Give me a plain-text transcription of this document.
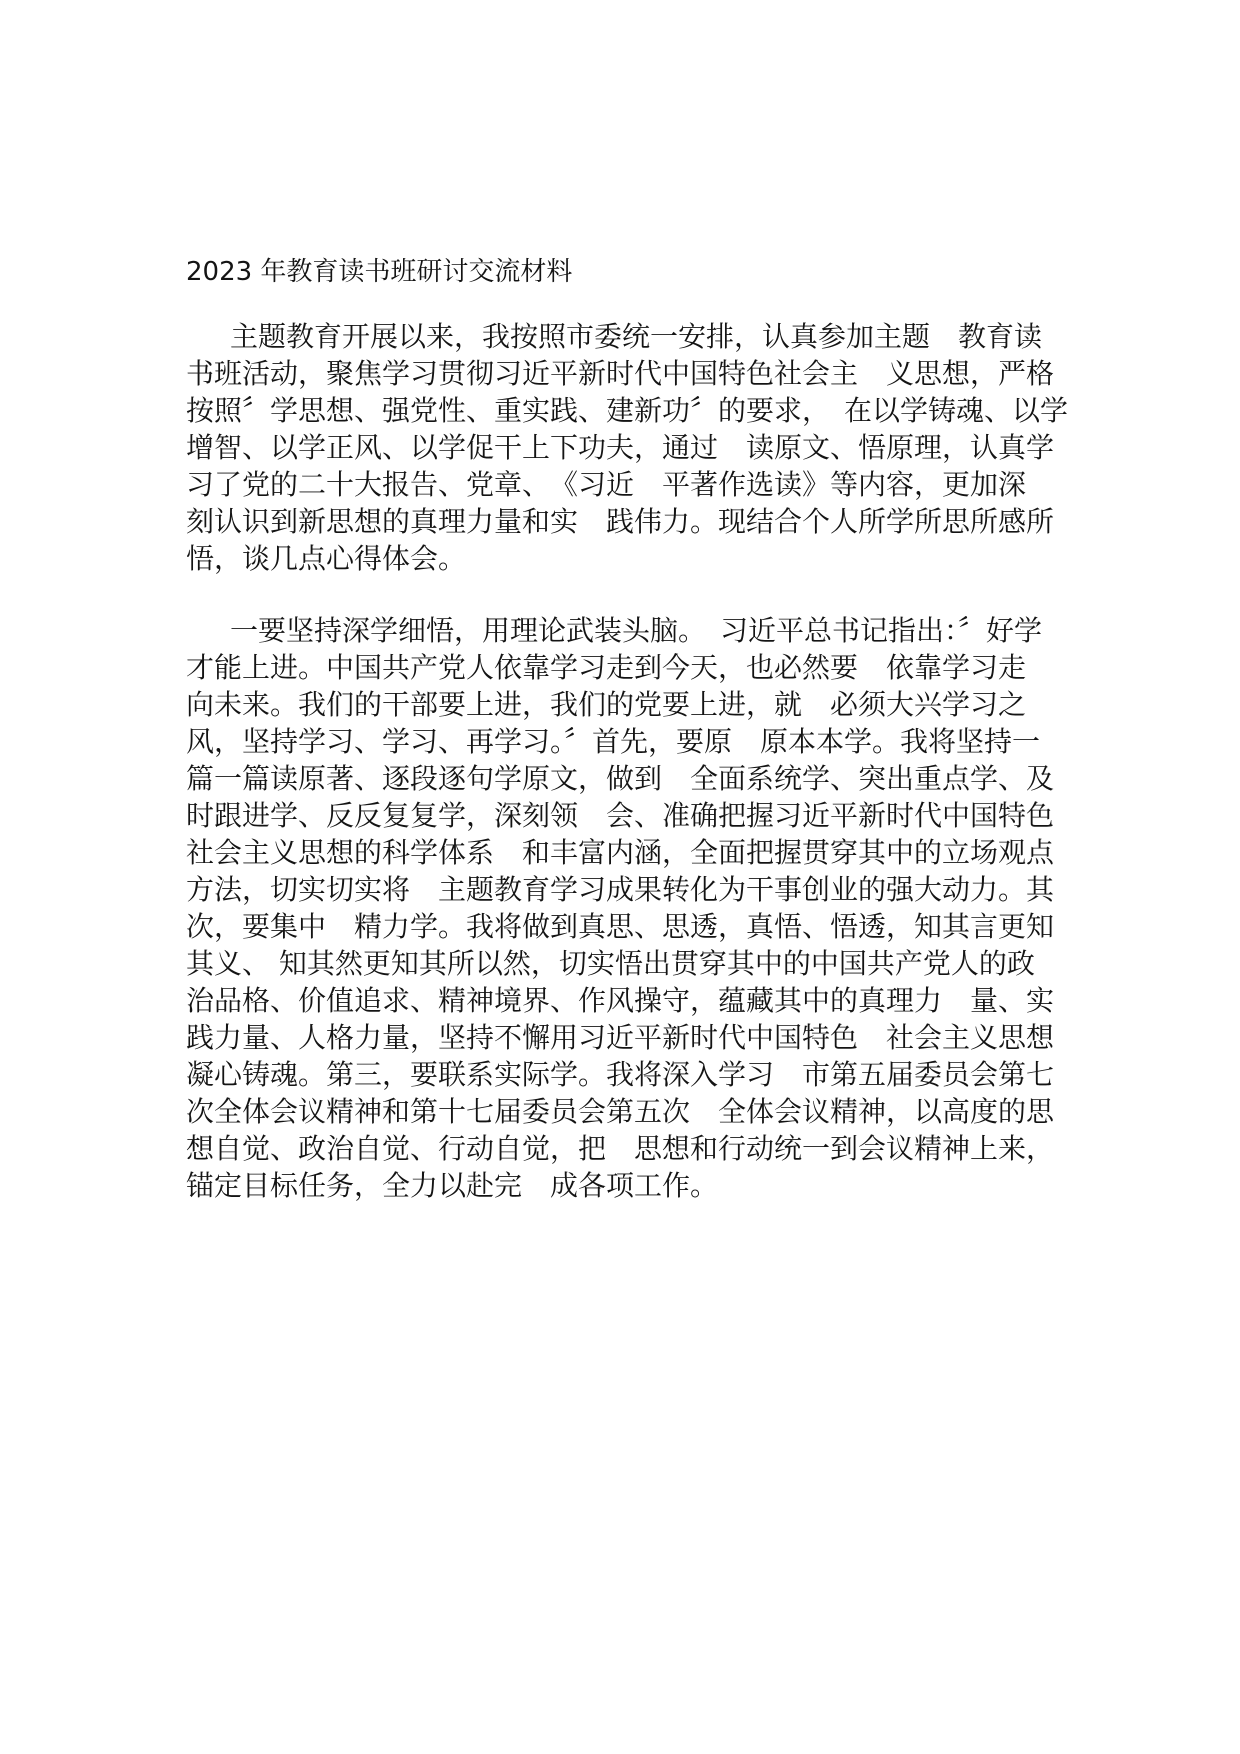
2023 年教育读书班研讨交流材料
主题教育开展以来，我按照市委统一安排，认真参加主题　教育读
书班活动，聚焦学习贯彻习近平新时代中国特色社会主　义思想，严格
按照〞学思想、强党性、重实践、建新功〞的要求，　在以学铸魂、以学
增智、以学正风、以学促干上下功夫，通过　读原文、悟原理，认真学
习了党的二十大报告、党章、　《习近　平著作选读》等内容，更加深
刻认识到新思想的真理力量和实　践伟力。现结合个人所学所思所感所
悟，谈几点心得体会。
一要坚持深学细悟，用理论武装头脑。　习近平总书记指出：〞好学
才能上进。中国共产党人依靠学习走到今天，也必然要　依靠学习走
向未来。我们的干部要上进，我们的党要上进，就　必须大兴学习之
风，坚持学习、学习、再学习。〞首先，要原　原本本学。我将坚持一
篇一篇读原著、逐段逐句学原文，做到　全面系统学、突出重点学、及
时跟进学、反反复复学，深刻领　会、准确把握习近平新时代中国特色
社会主义思想的科学体系　和丰富内涵，全面把握贯穿其中的立场观点
方法，切实切实将　主题教育学习成果转化为干事创业的强大动力。其
次，要集中　精力学。我将做到真思、思透，真悟、悟透，知其言更知
其义、 知其然更知其所以然，切实悟出贯穿其中的中国共产党人的政
治品格、价值追求、精神境界、作风操守，蕴藏其中的真理力　量、实
践力量、人格力量，坚持不懈用习近平新时代中国特色　社会主义思想
凝心铸魂。第三，要联系实际学。我将深入学习　市第五届委员会第七
次全体会议精神和第十七届委员会第五次　全体会议精神，以高度的思
想自觉、政治自觉、行动自觉，把　思想和行动统一到会议精神上来，
锚定目标任务，全力以赴完　成各项工作。
